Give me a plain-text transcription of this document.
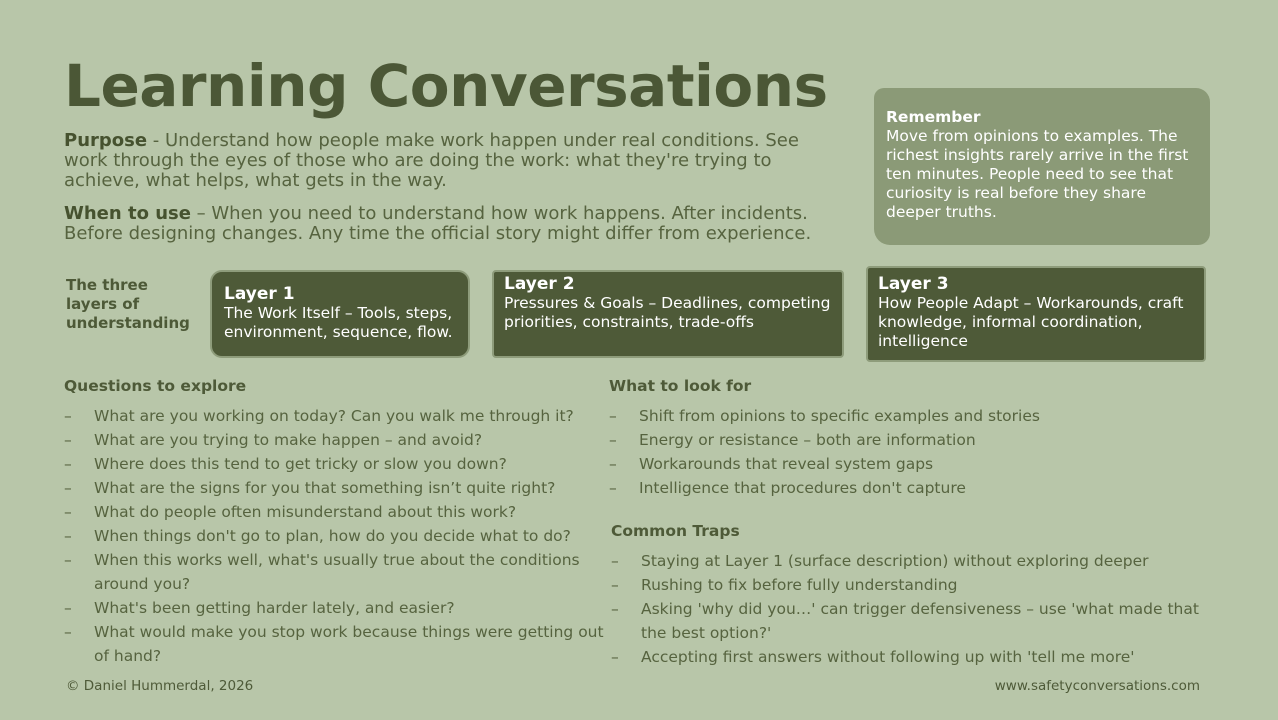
Learning Conversations
Purpose - Understand how people make work happen under real conditions. See work through the eyes of those who are doing the work: what they're trying to achieve, what helps, what gets in the way.
When to use – When you need to understand how work happens. After incidents. Before designing changes. Any time the official story might differ from experience.
Remember
Move from opinions to examples. The richest insights rarely arrive in the first ten minutes. People need to see that curiosity is real before they share deeper truths.
The three layers of understanding
Layer 1
The Work Itself – Tools, steps, environment, sequence, flow.
Layer 2
Pressures & Goals – Deadlines, competing priorities, constraints, trade-offs
Layer 3
How People Adapt – Workarounds, craft knowledge, informal coordination, intelligence
Questions to explore
– What are you working on today? Can you walk me through it?
– What are you trying to make happen – and avoid?
– Where does this tend to get tricky or slow you down?
– What are the signs for you that something isn’t quite right?
– What do people often misunderstand about this work?
– When things don't go to plan, how do you decide what to do?
– When this works well, what's usually true about the conditions around you?
– What's been getting harder lately, and easier?
– What would make you stop work because things were getting out of hand?
What to look for
– Shift from opinions to specific examples and stories
– Energy or resistance – both are information
– Workarounds that reveal system gaps
– Intelligence that procedures don't capture
Common Traps
– Staying at Layer 1 (surface description) without exploring deeper
– Rushing to fix before fully understanding
– Asking 'why did you…' can trigger defensiveness – use 'what made that the best option?'
– Accepting first answers without following up with 'tell me more'
© Daniel Hummerdal, 2026	www.safetyconversations.com
